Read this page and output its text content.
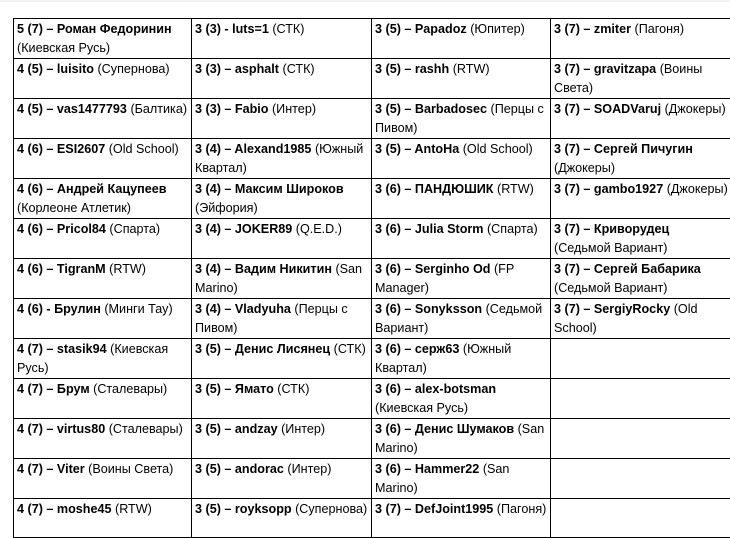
5 (7) – Роман Федоринин (Киевская Русь)	3 (3) - luts=1 (СТК)	3 (5) – Papadoz (Юпитер)	3 (7) – zmiter (Пагоня)
4 (5) – luisito (Супернова)	3 (3) – asphalt (СТК)	3 (5) – rashh (RTW)	3 (7) – gravitzapa (Воины Света)
4 (5) – vas1477793 (Балтика)	3 (3) – Fabio (Интер)	3 (5) – Barbadosec (Перцы с Пивом)	3 (7) – SOADVaruj (Джокеры)
4 (6) – ESI2607 (Old School)	3 (4) – Alexand1985 (Южный Квартал)	3 (5) – AntoHa (Old School)	3 (7) – Сергей Пичугин (Джокеры)
4 (6) – Андрей Кацупеев (Корлеоне Атлетик)	3 (4) – Максим Широков (Эйфория)	3 (6) – ПАНДЮШИК (RTW)	3 (7) – gambo1927 (Джокеры)
4 (6) – Pricol84 (Спарта)	3 (4) – JOKER89 (Q.E.D.)	3 (6) – Julia Storm (Спарта)	3 (7) – Криворудец (Седьмой Вариант)
4 (6) – TigranM (RTW)	3 (4) – Вадим Никитин (San Marino)	3 (6) – Serginho Od (FP Manager)	3 (7) – Сергей Бабарика (Седьмой Вариант)
4 (6) - Брулин (Минги Тау)	3 (4) – Vladyuha (Перцы с Пивом)	3 (6) – Sonyksson (Седьмой Вариант)	3 (7) – SergiyRocky (Old School)
4 (7) – stasik94 (Киевская Русь)	3 (5) – Денис Лисянец (СТК)	3 (6) – серж63 (Южный Квартал)	
4 (7) – Брум (Сталевары)	3 (5) – Ямато (СТК)	3 (6) – alex-botsman (Киевская Русь)	
4 (7) – virtus80 (Сталевары)	3 (5) – andzay (Интер)	3 (6) – Денис Шумаков (San Marino)	
4 (7) – Viter (Воины Света)	3 (5) – andorac (Интер)	3 (6) – Hammer22 (San Marino)	
4 (7) – moshe45 (RTW)	3 (5) – royksopp (Супернова)	3 (7) – DefJoint1995 (Пагоня)	
